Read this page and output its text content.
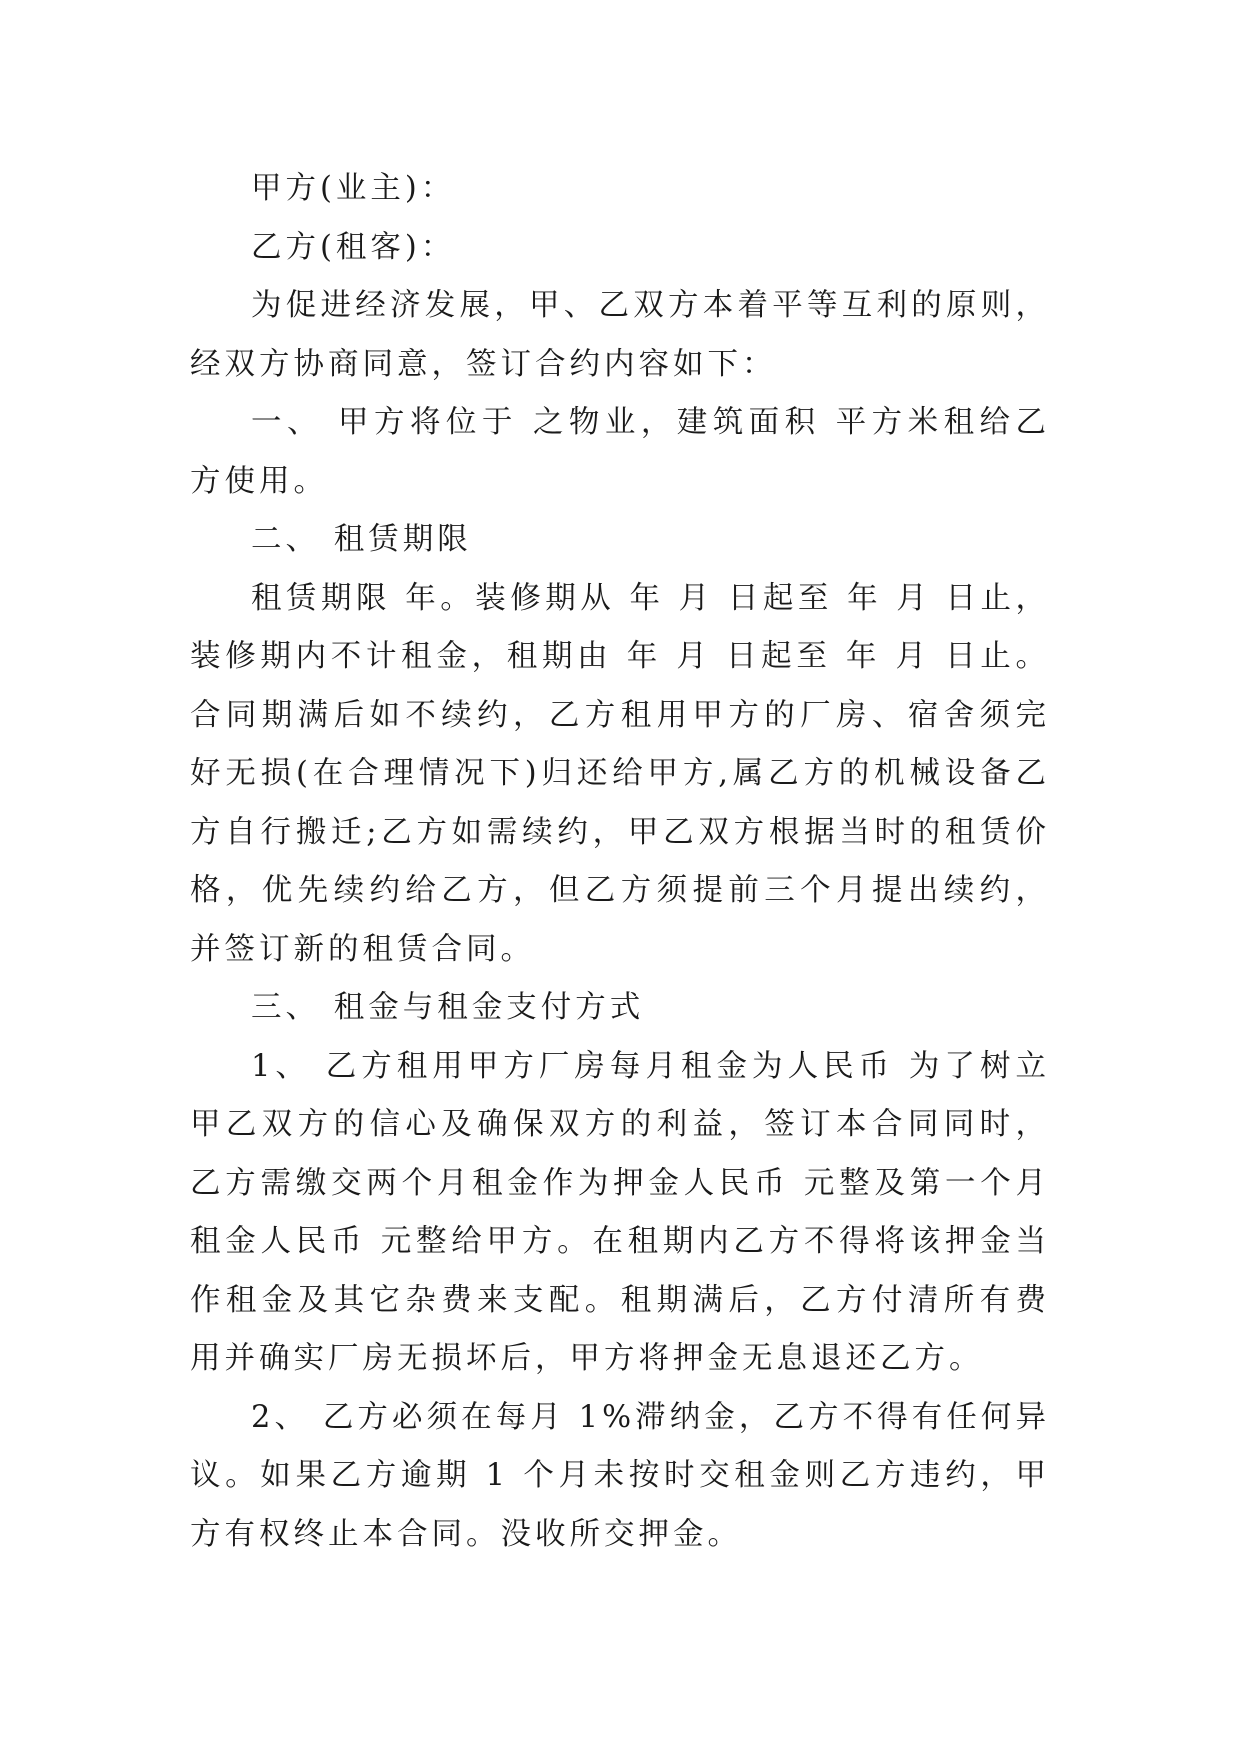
甲方(业主)：

乙方(租客)：

为促进经济发展，甲、乙双方本着平等互利的原则，经双方协商同意，签订合约内容如下：

一、 甲方将位于 之物业，建筑面积 平方米租给乙方使用。

二、 租赁期限

租赁期限 年。装修期从 年 月 日起至 年 月 日止，装修期内不计租金，租期由 年 月 日起至 年 月 日止。合同期满后如不续约，乙方租用甲方的厂房、宿舍须完好无损(在合理情况下)归还给甲方,属乙方的机械设备乙方自行搬迁;乙方如需续约，甲乙双方根据当时的租赁价格，优先续约给乙方，但乙方须提前三个月提出续约，并签订新的租赁合同。

三、 租金与租金支付方式

1、 乙方租用甲方厂房每月租金为人民币 为了树立甲乙双方的信心及确保双方的利益，签订本合同同时，乙方需缴交两个月租金作为押金人民币 元整及第一个月租金人民币 元整给甲方。在租期内乙方不得将该押金当作租金及其它杂费来支配。租期满后，乙方付清所有费用并确实厂房无损坏后，甲方将押金无息退还乙方。

2、 乙方必须在每月 1%滞纳金，乙方不得有任何异议。如果乙方逾期 1 个月未按时交租金则乙方违约，甲方有权终止本合同。没收所交押金。
